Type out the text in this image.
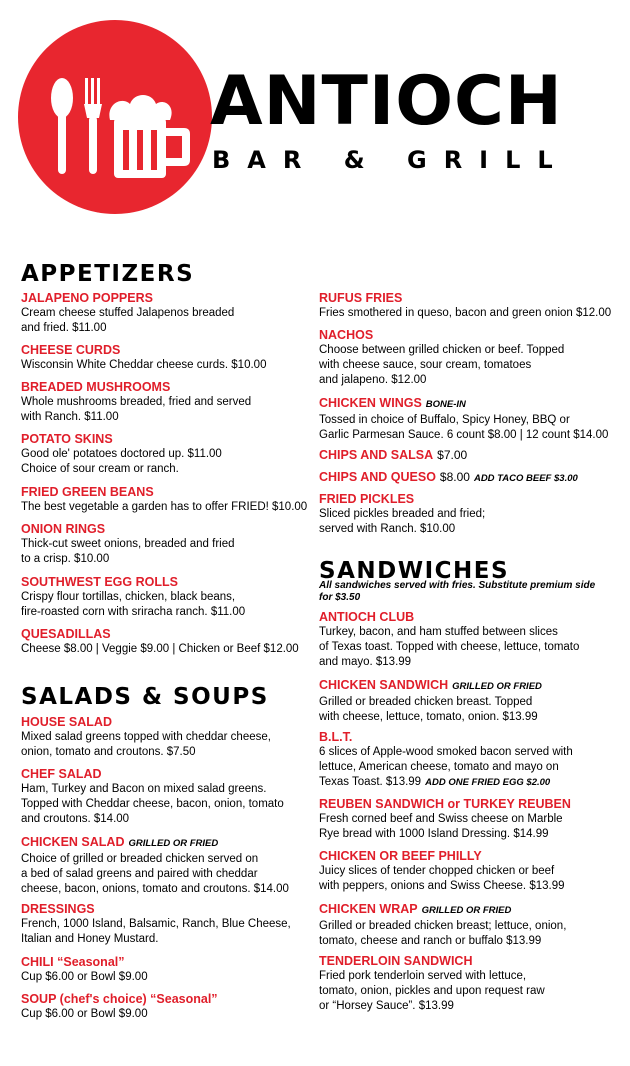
ANTIOCH
BAR & GRILL
APPETIZERS
JALAPENO POPPERS
Cream cheese stuffed Jalapenos breaded
and fried. $11.00
CHEESE CURDS
Wisconsin White Cheddar cheese curds. $10.00
BREADED MUSHROOMS
Whole mushrooms breaded, fried and served
with Ranch. $11.00
POTATO SKINS
Good ole' potatoes doctored up. $11.00
Choice of sour cream or ranch.
FRIED GREEN BEANS
The best vegetable a garden has to offer FRIED! $10.00
ONION RINGS
Thick-cut sweet onions, breaded and fried
to a crisp. $10.00
SOUTHWEST EGG ROLLS
Crispy flour tortillas, chicken, black beans,
fire-roasted corn with sriracha ranch. $11.00
QUESADILLAS
Cheese $8.00 | Veggie $9.00 | Chicken or Beef $12.00
SALADS & SOUPS
HOUSE SALAD
Mixed salad greens topped with cheddar cheese,
onion, tomato and croutons. $7.50
CHEF SALAD
Ham, Turkey and Bacon on mixed salad greens.
Topped with Cheddar cheese, bacon, onion, tomato
and croutons. $14.00
CHICKEN SALAD GRILLED OR FRIED
Choice of grilled or breaded chicken served on
a bed of salad greens and paired with cheddar
cheese, bacon, onions, tomato and croutons. $14.00
DRESSINGS
French, 1000 Island, Balsamic, Ranch, Blue Cheese,
Italian and Honey Mustard.
CHILI “Seasonal”
Cup $6.00 or Bowl $9.00
SOUP (chef's choice) “Seasonal”
Cup $6.00 or Bowl $9.00
RUFUS FRIES
Fries smothered in queso, bacon and green onion $12.00
NACHOS
Choose between grilled chicken or beef. Topped
with cheese sauce, sour cream, tomatoes
and jalapeno. $12.00
CHICKEN WINGS BONE-IN
Tossed in choice of Buffalo, Spicy Honey, BBQ or
Garlic Parmesan Sauce. 6 count $8.00 | 12 count $14.00
CHIPS AND SALSA $7.00
CHIPS AND QUESO $8.00 ADD TACO BEEF $3.00
FRIED PICKLES
Sliced pickles breaded and fried;
served with Ranch. $10.00
SANDWICHES
All sandwiches served with fries. Substitute premium side for $3.50
ANTIOCH CLUB
Turkey, bacon, and ham stuffed between slices
of Texas toast. Topped with cheese, lettuce, tomato
and mayo. $13.99
CHICKEN SANDWICH GRILLED OR FRIED
Grilled or breaded chicken breast. Topped
with cheese, lettuce, tomato, onion. $13.99
B.L.T.
6 slices of Apple-wood smoked bacon served with
lettuce, American cheese, tomato and mayo on
Texas Toast. $13.99 ADD ONE FRIED EGG $2.00
REUBEN SANDWICH or TURKEY REUBEN
Fresh corned beef and Swiss cheese on Marble
Rye bread with 1000 Island Dressing. $14.99
CHICKEN OR BEEF PHILLY
Juicy slices of tender chopped chicken or beef
with peppers, onions and Swiss Cheese. $13.99
CHICKEN WRAP GRILLED OR FRIED
Grilled or breaded chicken breast; lettuce, onion,
tomato, cheese and ranch or buffalo $13.99
TENDERLOIN SANDWICH
Fried pork tenderloin served with lettuce,
tomato, onion, pickles and upon request raw
or “Horsey Sauce”. $13.99
